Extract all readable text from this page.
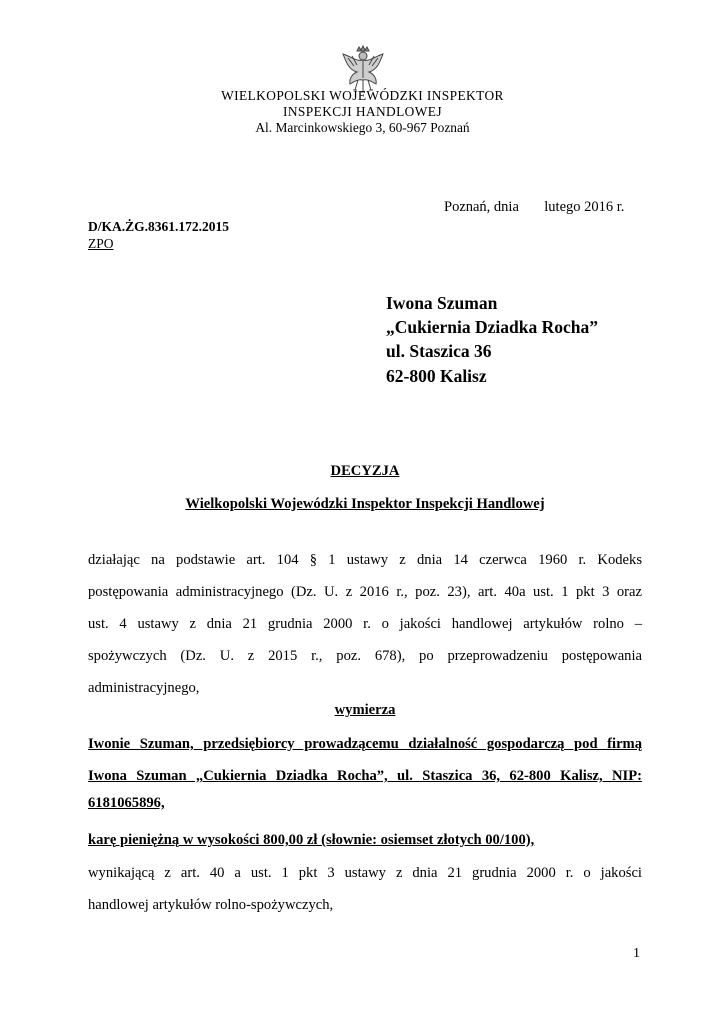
WIELKOPOLSKI WOJEWÓDZKI INSPEKTOR
INSPEKCJI HANDLOWEJ
Al. Marcinkowskiego 3, 60-967 Poznań
Poznań, dnia       lutego 2016 r.
D/KA.ŻG.8361.172.2015
ZPO
Iwona Szuman
„Cukiernia Dziadka Rocha”
ul. Staszica 36
62-800 Kalisz
DECYZJA
Wielkopolski Wojewódzki Inspektor Inspekcji Handlowej
działając na podstawie art. 104 § 1 ustawy z dnia 14 czerwca 1960 r. Kodeks
postępowania administracyjnego (Dz. U. z 2016 r., poz. 23), art. 40a ust. 1 pkt 3 oraz
ust. 4 ustawy z dnia 21 grudnia 2000 r. o jakości handlowej artykułów rolno –
spożywczych (Dz. U. z 2015 r., poz. 678), po przeprowadzeniu postępowania
administracyjnego,
wymierza
Iwonie Szuman, przedsiębiorcy prowadzącemu działalność gospodarczą pod firmą
Iwona Szuman „Cukiernia Dziadka Rocha”, ul. Staszica 36, 62-800 Kalisz, NIP:
6181065896,
karę pieniężną w wysokości 800,00 zł (słownie: osiemset złotych 00/100),
wynikającą z art. 40 a ust. 1 pkt 3 ustawy z dnia 21 grudnia 2000 r. o jakości
handlowej artykułów rolno-spożywczych,
1
